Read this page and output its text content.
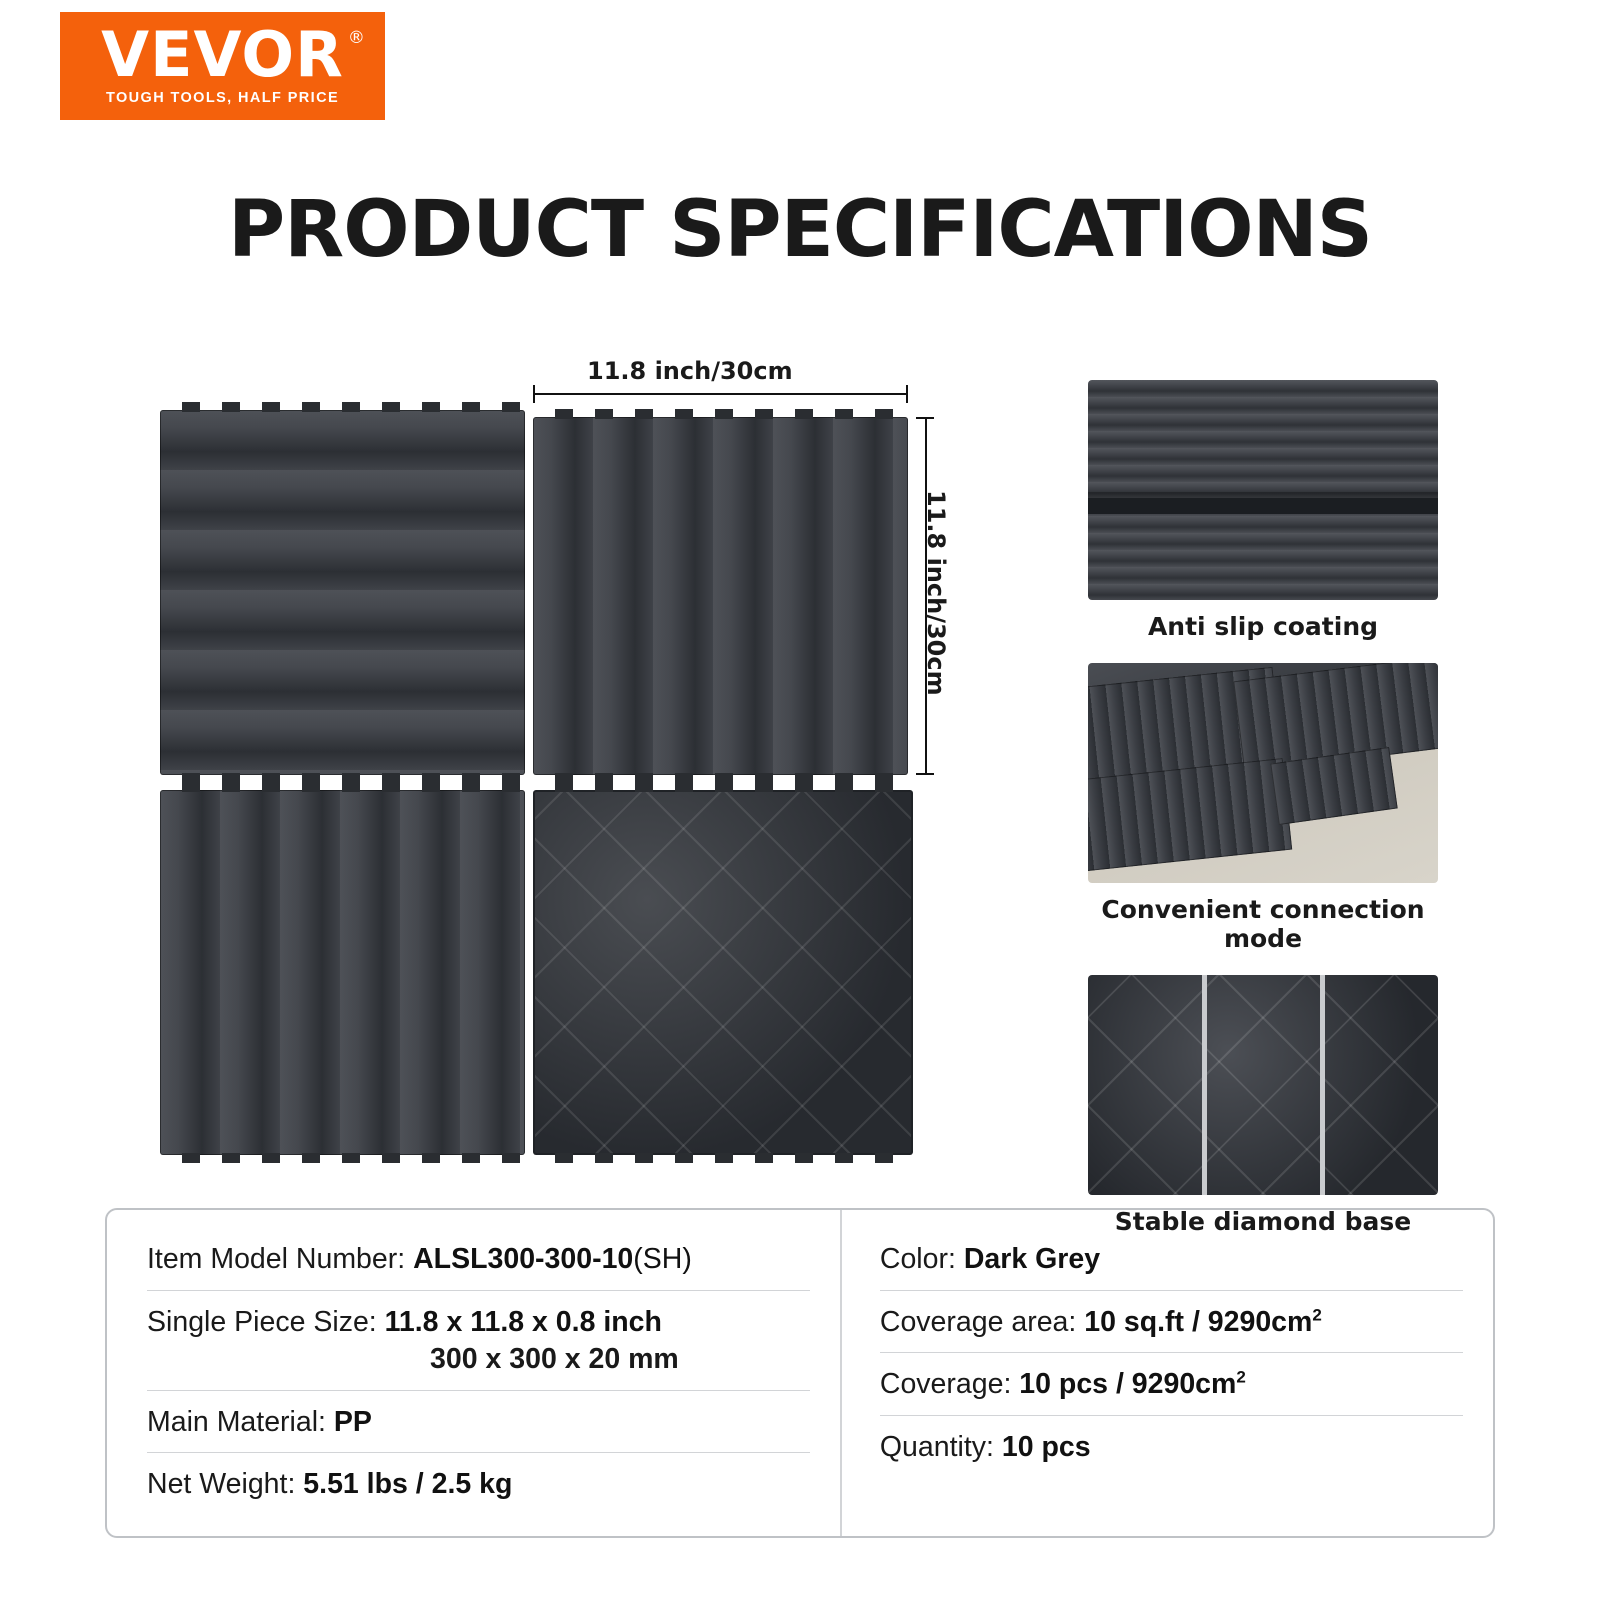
VEVOR ®
TOUGH TOOLS, HALF PRICE
PRODUCT SPECIFICATIONS
11.8 inch/30cm
11.8 inch/30cm	Anti slip coating
Convenient connection mode
Stable diamond base
Item Model Number: ALSL300-300-10(SH)
Single Piece Size: 11.8 x 11.8 x 0.8 inch
300 x 300 x 20 mm
Main Material: PP
Net Weight: 5.51 lbs / 2.5 kg
Color: Dark Grey
Coverage area: 10 $sq.ft / 9290cm^2$
Coverage: 10 pcs / $9290cm^2$
Quantity: 10 pcs
